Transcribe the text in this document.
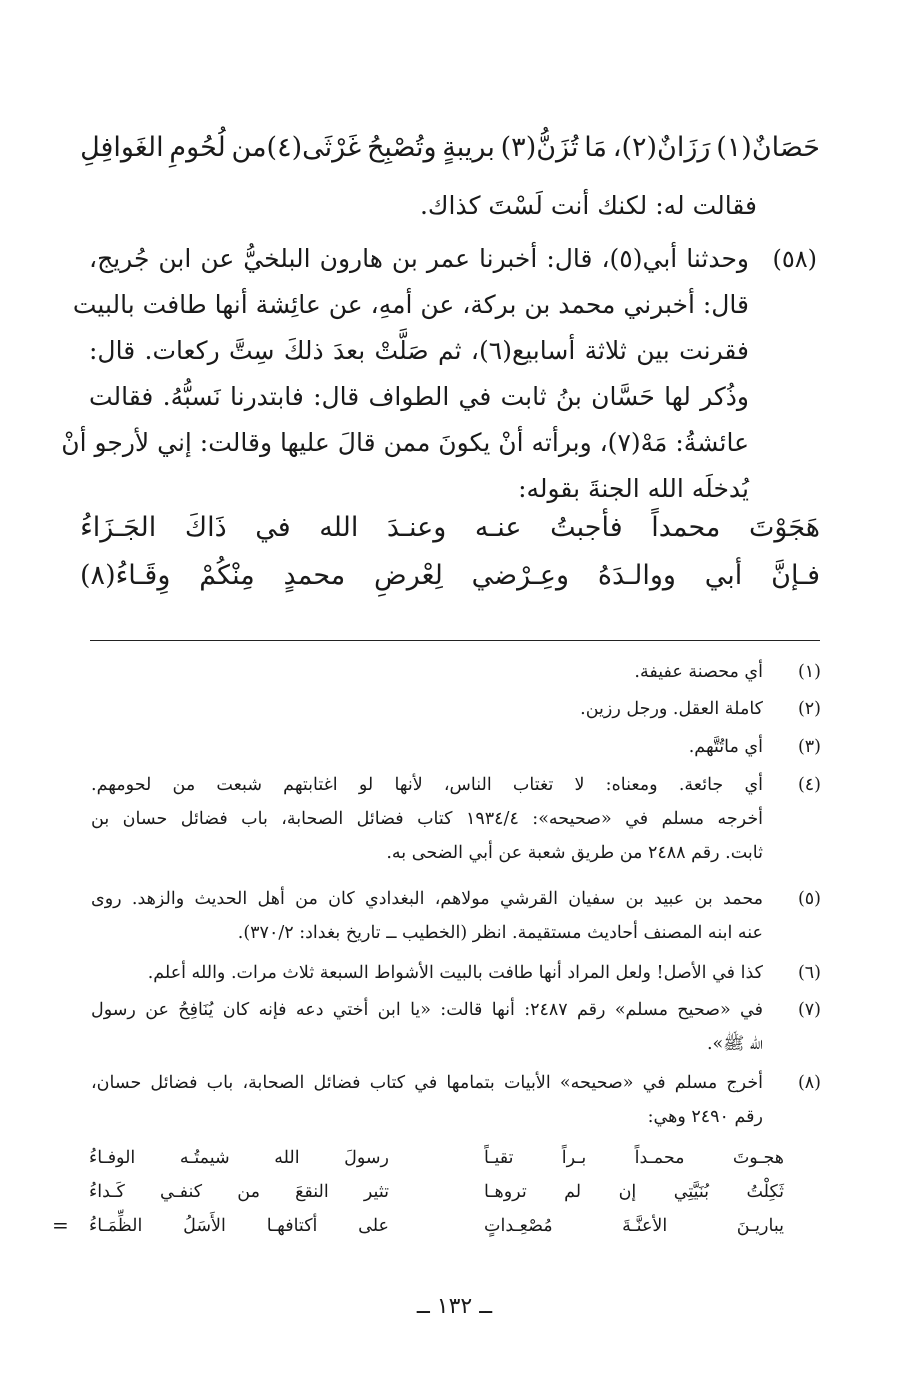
حَصَانٌ(١)
رَزَانٌ(٢)،
مَا
تُزَنُّ(٣)
بريبةٍ
وتُصْبِحُ
غَرْثَى(٤)من
لُحُومِ
الغَوافِلِ
فقالت له: لكنك أنت لَسْتَ كذاك.
(٥٨)
وحدثنا أبي(٥)، قال: أخبرنا عمر بن هارون البلخيُّ عن ابن جُريج،
قال: أخبرني محمد بن بركة، عن أمهِ، عن عائِشة أنها طافت بالبيت
فقرنت بين ثلاثة أسابيع(٦)، ثم صَلَّتْ بعدَ ذلكَ سِتَّ ركعات. قال:
وذُكر لها حَسَّان بنُ ثابت في الطواف قال: فابتدرنا نَسبُّهُ. فقالت
عائشةُ: مَهْ(٧)، وبرأته أنْ يكونَ ممن قالَ عليها وقالت: إني لأرجو أنْ
يُدخلَه الله الجنةَ بقوله:
هَجَوْتَ
محمداً
فأجبتُ
عنـه
وعنـدَ
الله
في
ذَاكَ
الجَـزَاءُ
فـإنَّ
أبي
ووالـدَهُ
وعِـرْضي
لِعْرضِ
محمدٍ
مِنْكُمْ
وِقَـاءُ(٨)
(١)
أي محصنة عفيفة.
(٢)
كاملة العقل. ورجل رزين.
(٣)
أي ماتُتَّهم.
(٤)
أي جائعة. ومعناه: لا تغتاب الناس، لأنها لو اغتابتهم شبعت من لحومهم.
أخرجه مسلم في «صحيحه»: ١٩٣٤/٤ كتاب فضائل الصحابة، باب فضائل حسان بن
ثابت. رقم ٢٤٨٨ من طريق شعبة عن أبي الضحى به.
(٥)
محمد بن عبيد بن سفيان القرشي مولاهم، البغدادي كان من أهل الحديث والزهد. روى
عنه ابنه المصنف أحاديث مستقيمة. انظر (الخطيب ــ تاريخ بغداد: ٣٧٠/٢).
(٦)
كذا في الأصل! ولعل المراد أنها طافت بالبيت الأشواط السبعة ثلاث مرات. والله أعلم.
(٧)
في «صحيح مسلم» رقم ٢٤٨٧: أنها قالت: «يا ابن أختي دعه فإنه كان يُنَافِحُ عن رسول
الله ﷺ».
(٨)
أخرج مسلم في «صحيحه» الأبيات بتمامها في كتاب فضائل الصحابة، باب فضائل حسان،
رقم ٢٤٩٠ وهي:
هجـوتَ
محمـداً
بـراً
تقيـاً
رسولَ
الله
شيمتُـه
الوفـاءُ
ثَكِلْتُ
بُنَيَّتِي
إن
لم
تروهـا
تثير
النقعَ
من
كنفـي
كَـداءُ
يباريـنَ
الأعنَّـةَ
مُصْعِـداتٍ
على
أكتافهـا
الأَسَلُ
الظِّمَـاءُ
=
ــ ١٣٢ ــ
